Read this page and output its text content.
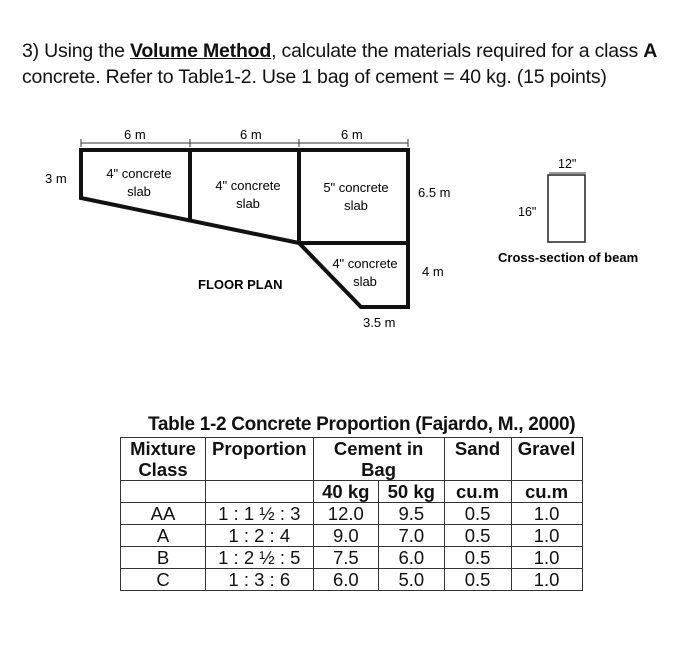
3) Using the Volume Method, calculate the materials required for a class A
concrete. Refer to Table1-2. Use 1 bag of cement = 40 kg. (15 points)
6 m	6 m	6 m
3 m
6.5 m
4 m
3.5 m
4" concrete
slab	4" concrete
slab
5" concrete
slab
4" concrete
slab
FLOOR PLAN
12"
16"
Cross-section of beam
Table 1-2 Concrete Proportion (Fajardo, M., 2000)
Mixture Class	Proportion	Cement in Bag		Sand	Gravel

		40 kg	50 kg	cu.m	cu.m
AA	1 : 1 ½ : 3	12.0	9.5	0.5	1.0
A	1 : 2 : 4	9.0	7.0	0.5	1.0
B	1 : 2 ½ : 5	7.5	6.0	0.5	1.0
C	1 : 3 : 6	6.0	5.0	0.5	1.0
